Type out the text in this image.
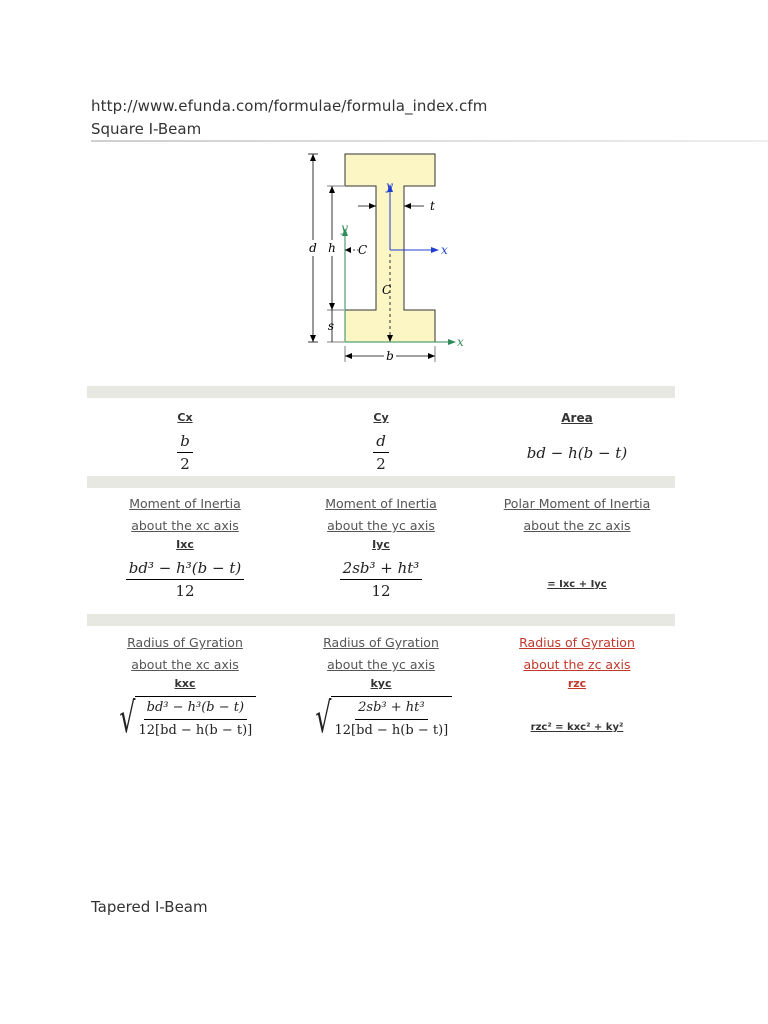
http://www.efunda.com/formulae/formula_index.cfm
Square I-Beam
d h
s
t
y
x
y
x
C
C
b
Cx
$\frac{b}{2}$
Cy
$\frac{d}{2}$
Area
bd − h(b − t)
Moment of Inertia
about the xc axis
Ixc
$\frac{\text{bd³ − h³(b − t)}}{12}$
Moment of Inertia
about the yc axis
Iyc
$\frac{\text{2sb³ + ht³}}{12}$
Polar Moment of Inertia
about the zc axis
= Ixc + Iyc
Radius of Gyration
about the xc axis
kxc
√ $\frac{\text{bd³ − h³(b − t)}}{12[bd - h(b - t)]}$
Radius of Gyration
about the yc axis
kyc
√ $\frac{\text{2sb³ + ht³}}{12[bd - h(b - t)]}$
Radius of Gyration
about the zc axis
rzc
rzc² = kxc² + ky²
Tapered I-Beam
